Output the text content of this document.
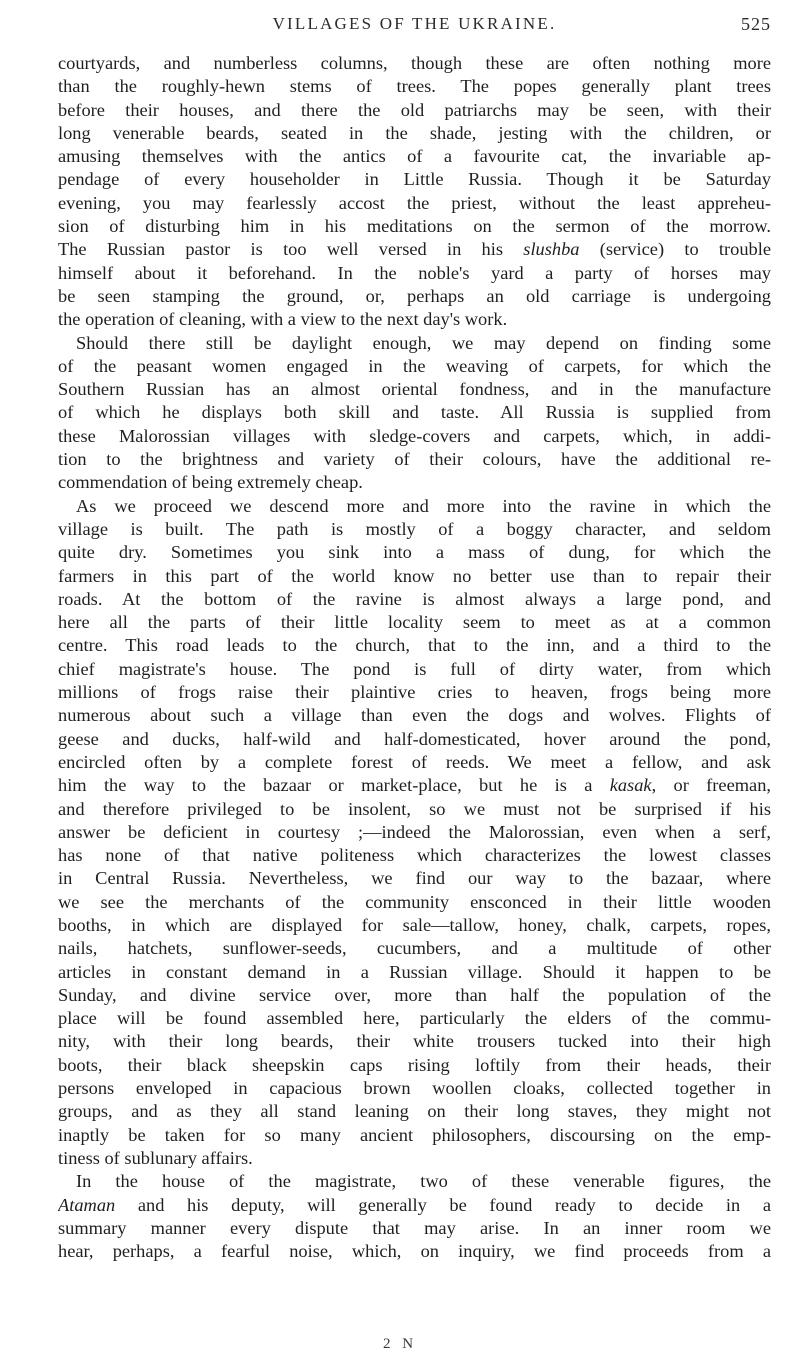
VILLAGES OF THE UKRAINE.	525
courtyards, and numberless columns, though these are often nothing more
than the roughly-hewn stems of trees. The popes generally plant trees
before their houses, and there the old patriarchs may be seen, with their
long venerable beards, seated in the shade, jesting with the children, or
amusing themselves with the antics of a favourite cat, the invariable ap-
pendage of every householder in Little Russia. Though it be Saturday
evening, you may fearlessly accost the priest, without the least appreheu-
sion of disturbing him in his meditations on the sermon of the morrow.
The Russian pastor is too well versed in his slushba (service) to trouble
himself about it beforehand. In the noble's yard a party of horses may
be seen stamping the ground, or, perhaps an old carriage is undergoing
the operation of cleaning, with a view to the next day's work.
Should there still be daylight enough, we may depend on finding some
of the peasant women engaged in the weaving of carpets, for which the
Southern Russian has an almost oriental fondness, and in the manufacture
of which he displays both skill and taste. All Russia is supplied from
these Malorossian villages with sledge-covers and carpets, which, in addi-
tion to the brightness and variety of their colours, have the additional re-
commendation of being extremely cheap.
As we proceed we descend more and more into the ravine in which the
village is built. The path is mostly of a boggy character, and seldom
quite dry. Sometimes you sink into a mass of dung, for which the
farmers in this part of the world know no better use than to repair their
roads. At the bottom of the ravine is almost always a large pond, and
here all the parts of their little locality seem to meet as at a common
centre. This road leads to the church, that to the inn, and a third to the
chief magistrate's house. The pond is full of dirty water, from which
millions of frogs raise their plaintive cries to heaven, frogs being more
numerous about such a village than even the dogs and wolves. Flights of
geese and ducks, half-wild and half-domesticated, hover around the pond,
encircled often by a complete forest of reeds. We meet a fellow, and ask
him the way to the bazaar or market-place, but he is a kasak, or freeman,
and therefore privileged to be insolent, so we must not be surprised if his
answer be deficient in courtesy ;—indeed the Malorossian, even when a serf,
has none of that native politeness which characterizes the lowest classes
in Central Russia. Nevertheless, we find our way to the bazaar, where
we see the merchants of the community ensconced in their little wooden
booths, in which are displayed for sale—tallow, honey, chalk, carpets, ropes,
nails, hatchets, sunflower-seeds, cucumbers, and a multitude of other
articles in constant demand in a Russian village. Should it happen to be
Sunday, and divine service over, more than half the population of the
place will be found assembled here, particularly the elders of the commu-
nity, with their long beards, their white trousers tucked into their high
boots, their black sheepskin caps rising loftily from their heads, their
persons enveloped in capacious brown woollen cloaks, collected together in
groups, and as they all stand leaning on their long staves, they might not
inaptly be taken for so many ancient philosophers, discoursing on the emp-
tiness of sublunary affairs.
In the house of the magistrate, two of these venerable figures, the
Ataman and his deputy, will generally be found ready to decide in a
summary manner every dispute that may arise. In an inner room we
hear, perhaps, a fearful noise, which, on inquiry, we find proceeds from a
2 N
